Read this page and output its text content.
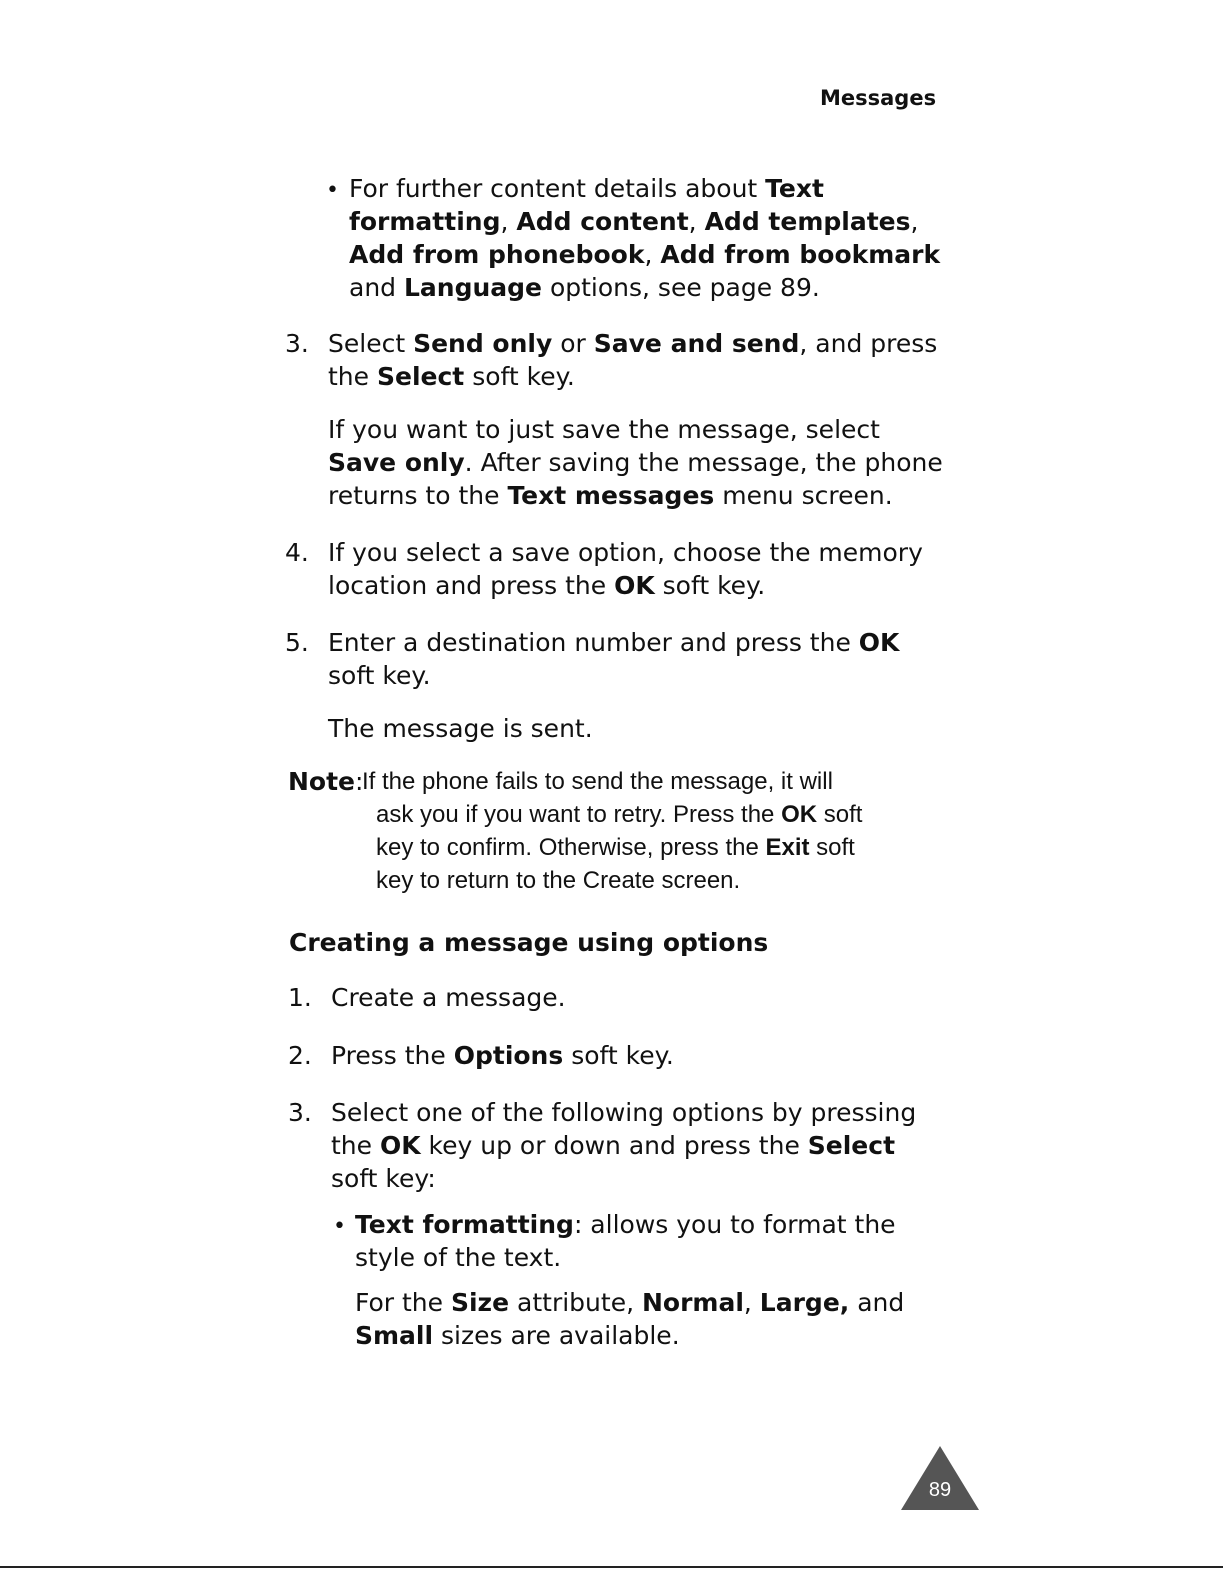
Messages
• For further content details about Text
formatting, Add content, Add templates,
Add from phonebook, Add from bookmark
and Language options, see page 89.
3. Select Send only or Save and send, and press
the Select soft key.
If you want to just save the message, select
Save only. After saving the message, the phone
returns to the Text messages menu screen.
4. If you select a save option, choose the memory
location and press the OK soft key.
5. Enter a destination number and press the OK
soft key.
The message is sent.
Note:
If the phone fails to send the message, it will
ask you if you want to retry. Press the OK soft
key to confirm. Otherwise, press the Exit soft
key to return to the Create screen.
Creating a message using options
1. Create a message.
2. Press the Options soft key.
3. Select one of the following options by pressing
the OK key up or down and press the Select
soft key:
• Text formatting: allows you to format the
style of the text.
For the Size attribute, Normal, Large, and
Small sizes are available.
89
